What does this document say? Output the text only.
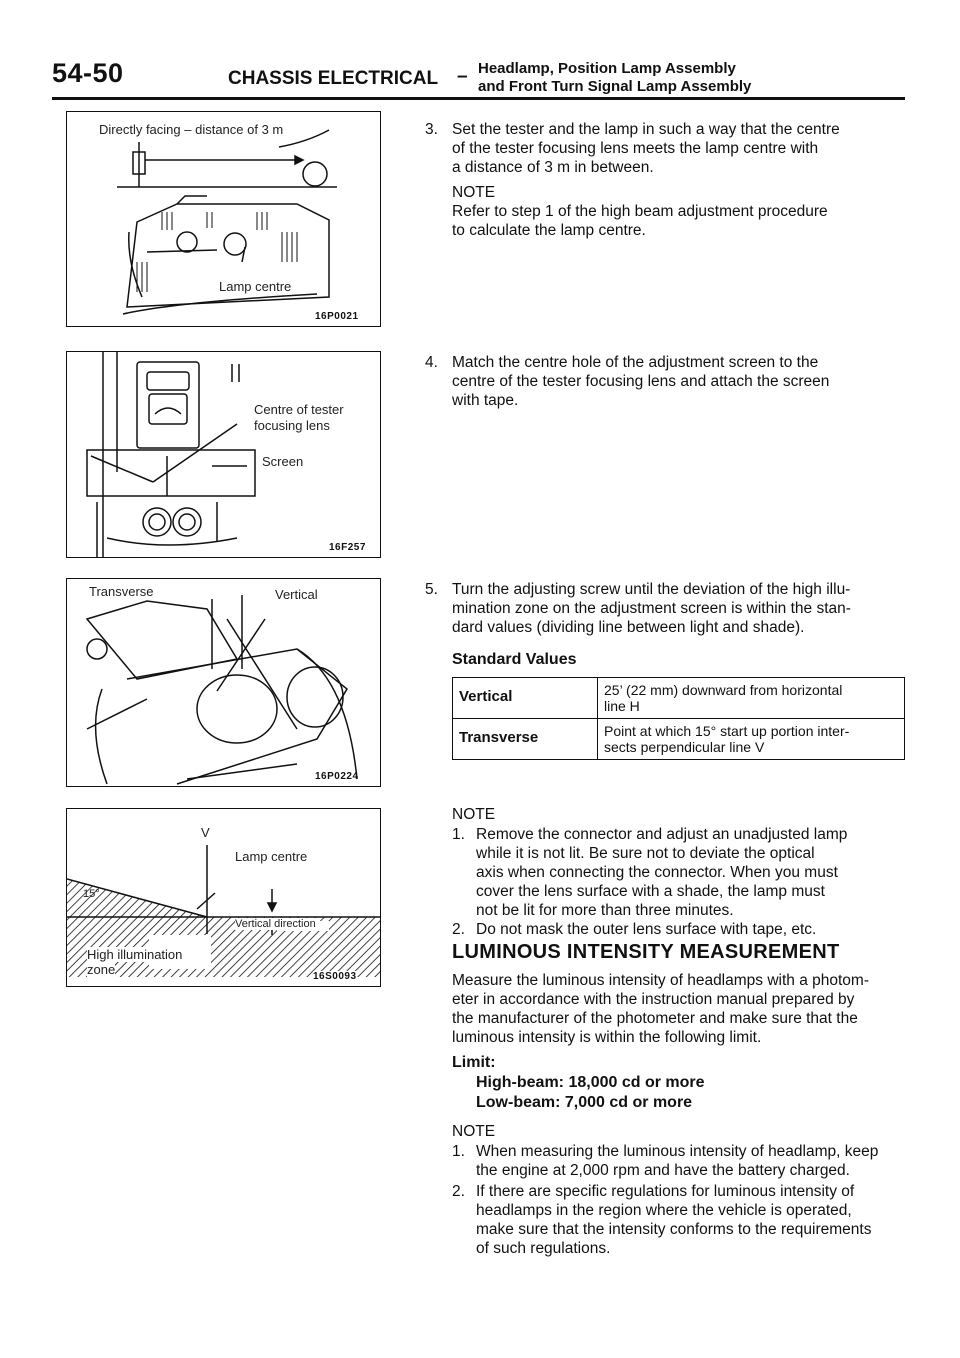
54-50	CHASSIS ELECTRICAL – Headlamp, Position Lamp Assembly
and Front Turn Signal Lamp Assembly
Directly facing – distance of 3 m
Lamp centre
16P0021
Centre of tester
focusing lens
Screen
16F257
Transverse	Vertical
16P0224
V
Lamp centre
15°
Vertical direction
High illumination
zone	16S0093
3. Set the tester and the lamp in such a way that the centre
of the tester focusing lens meets the lamp centre with
a distance of 3 m in between.
NOTE
Refer to step 1 of the high beam adjustment procedure
to calculate the lamp centre.
4. Match the centre hole of the adjustment screen to the
centre of the tester focusing lens and attach the screen
with tape.
5. Turn the adjusting screw until the deviation of the high illu-
mination zone on the adjustment screen is within the stan-
dard values (dividing line between light and shade).
Standard Values
Vertical	25’ (22 mm) downward from horizontal
line H

Transverse	Point at which 15° start up portion inter-
sects perpendicular line V
NOTE
1. Remove the connector and adjust an unadjusted lamp
while it is not lit. Be sure not to deviate the optical
axis when connecting the connector. When you must
cover the lens surface with a shade, the lamp must
not be lit for more than three minutes.
2. Do not mask the outer lens surface with tape, etc.
LUMINOUS INTENSITY MEASUREMENT
Measure the luminous intensity of headlamps with a photom-
eter in accordance with the instruction manual prepared by
the manufacturer of the photometer and make sure that the
luminous intensity is within the following limit.
Limit:
High-beam: 18,000 cd or more
Low-beam: 7,000 cd or more
NOTE
1. When measuring the luminous intensity of headlamp, keep
the engine at 2,000 rpm and have the battery charged.
2. If there are specific regulations for luminous intensity of
headlamps in the region where the vehicle is operated,
make sure that the intensity conforms to the requirements
of such regulations.
